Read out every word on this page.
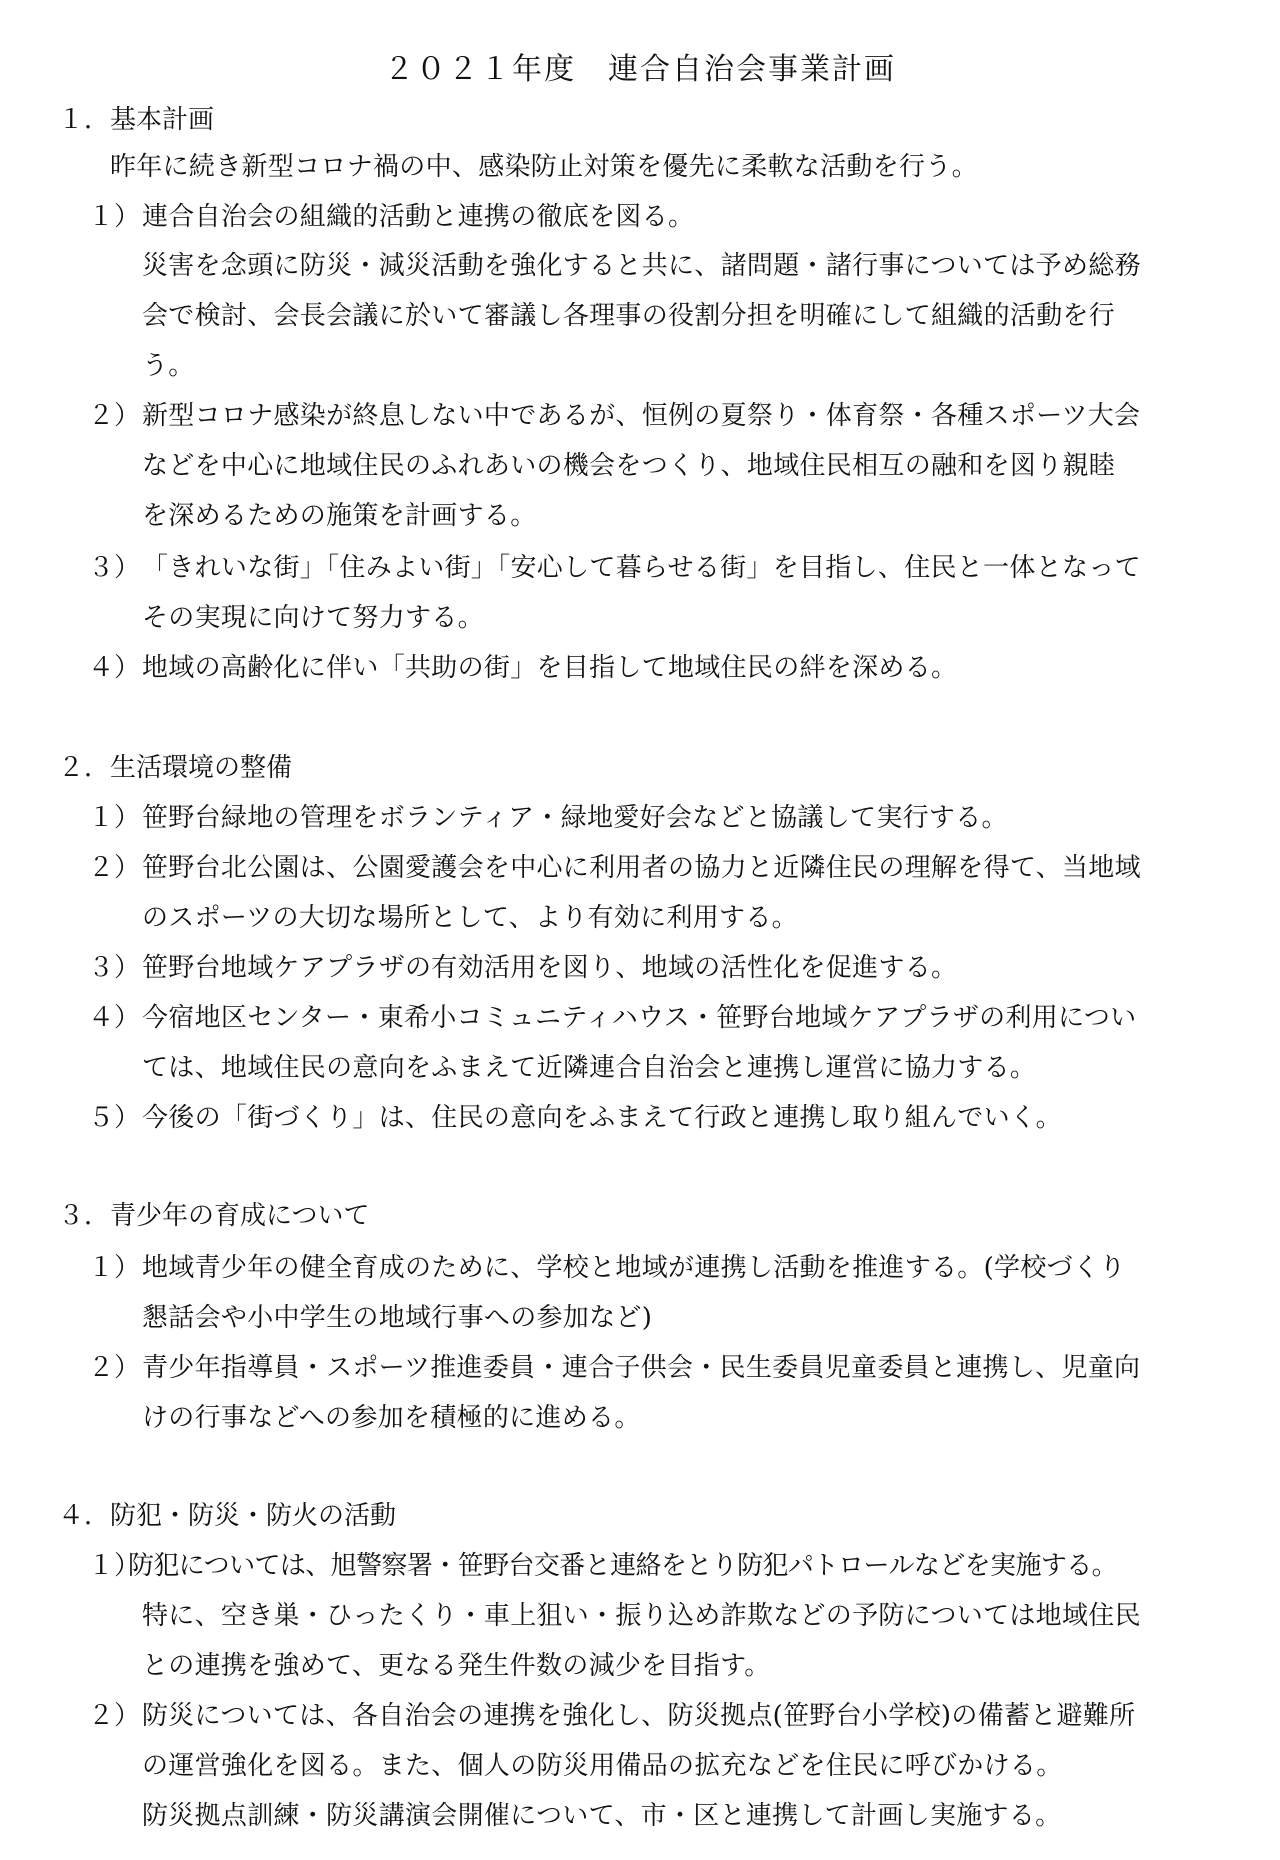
２０２１年度　連合自治会事業計画
１．基本計画
昨年に続き新型コロナ禍の中、感染防止対策を優先に柔軟な活動を行う。
１） 連合自治会の組織的活動と連携の徹底を図る。
災害を念頭に防災・減災活動を強化すると共に、諸問題・諸行事については予め総務
会で検討、会長会議に於いて審議し各理事の役割分担を明確にして組織的活動を行
う。
２） 新型コロナ感染が終息しない中であるが、恒例の夏祭り・体育祭・各種スポーツ大会
などを中心に地域住民のふれあいの機会をつくり、地域住民相互の融和を図り親睦
を深めるための施策を計画する。
３） 「きれいな街」「住みよい街」「安心して暮らせる街」を目指し、住民と一体となって
その実現に向けて努力する。
４） 地域の高齢化に伴い「共助の街」を目指して地域住民の絆を深める。
２．生活環境の整備
１） 笹野台緑地の管理をボランティア・緑地愛好会などと協議して実行する。
２） 笹野台北公園は、公園愛護会を中心に利用者の協力と近隣住民の理解を得て、当地域
のスポーツの大切な場所として、より有効に利用する。
３） 笹野台地域ケアプラザの有効活用を図り、地域の活性化を促進する。
４） 今宿地区センター・東希小コミュニティハウス・笹野台地域ケアプラザの利用につい
ては、地域住民の意向をふまえて近隣連合自治会と連携し運営に協力する。
５） 今後の「街づくり」は、住民の意向をふまえて行政と連携し取り組んでいく。
３．青少年の育成について
１） 地域青少年の健全育成のために、学校と地域が連携し活動を推進する。(学校づくり
懇話会や小中学生の地域行事への参加など)
２） 青少年指導員・スポーツ推進委員・連合子供会・民生委員児童委員と連携し、児童向
けの行事などへの参加を積極的に進める。
４．防犯・防災・防火の活動
１）
防犯については、旭警察署・笹野台交番と連絡をとり防犯パトロールなどを実施する。
特に、空き巣・ひったくり・車上狙い・振り込め詐欺などの予防については地域住民
との連携を強めて、更なる発生件数の減少を目指す。
２） 防災については、各自治会の連携を強化し、防災拠点(笹野台小学校)の備蓄と避難所
の運営強化を図る。また、個人の防災用備品の拡充などを住民に呼びかける。
防災拠点訓練・防災講演会開催について、市・区と連携して計画し実施する。
